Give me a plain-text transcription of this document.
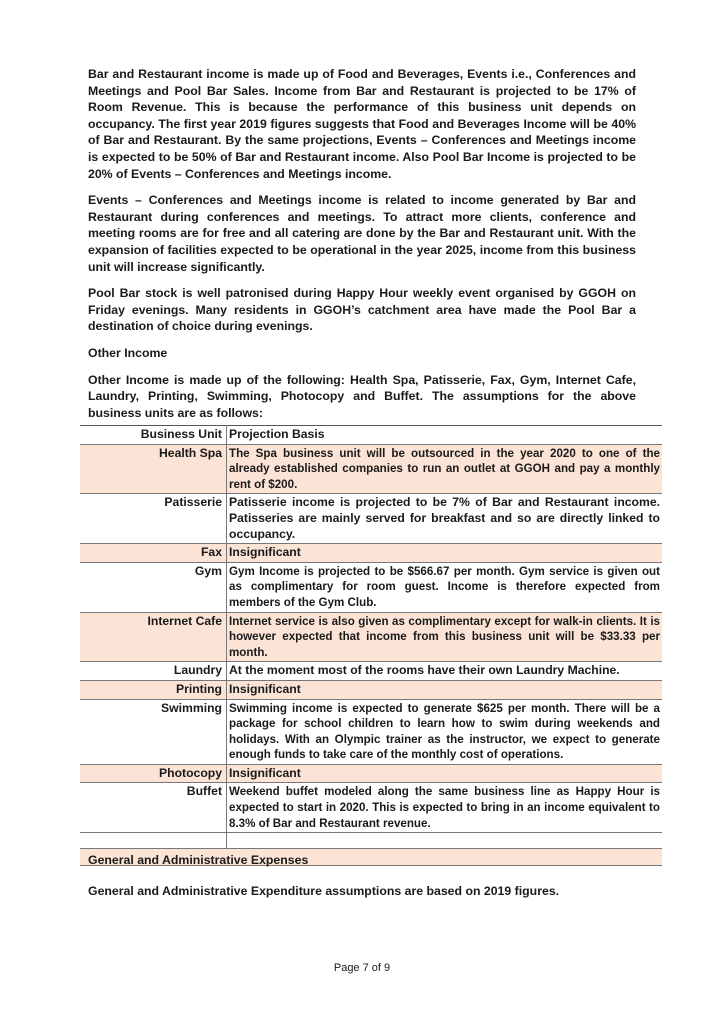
Bar and Restaurant income is made up of Food and Beverages, Events i.e., Conferences and Meetings and Pool Bar Sales. Income from Bar and Restaurant is projected to be 17% of Room Revenue. This is because the performance of this business unit depends on occupancy. The first year 2019 figures suggests that Food and Beverages Income will be 40% of Bar and Restaurant. By the same projections, Events – Conferences and Meetings income is expected to be 50% of Bar and Restaurant income. Also Pool Bar Income is projected to be 20% of Events – Conferences and Meetings income.

Events – Conferences and Meetings income is related to income generated by Bar and Restaurant during conferences and meetings. To attract more clients, conference and meeting rooms are for free and all catering are done by the Bar and Restaurant unit. With the expansion of facilities expected to be operational in the year 2025, income from this business unit will increase significantly.

Pool Bar stock is well patronised during Happy Hour weekly event organised by GGOH on Friday evenings. Many residents in GGOH’s catchment area have made the Pool Bar a destination of choice during evenings.

Other Income

Other Income is made up of the following: Health Spa, Patisserie, Fax, Gym, Internet Cafe, Laundry, Printing, Swimming, Photocopy and Buffet. The assumptions for the above business units are as follows:

Business Unit	Projection Basis
Health Spa	The Spa business unit will be outsourced in the year 2020 to one of the already established companies to run an outlet at GGOH and pay a monthly rent of $200.
Patisserie	Patisserie income is projected to be 7% of Bar and Restaurant income. Patisseries are mainly served for breakfast and so are directly linked to occupancy.
Fax	Insignificant
Gym	Gym Income is projected to be $566.67 per month. Gym service is given out as complimentary for room guest. Income is therefore expected from members of the Gym Club.
Internet Cafe	Internet service is also given as complimentary except for walk-in clients. It is however expected that income from this business unit will be $33.33 per month.
Laundry	At the moment most of the rooms have their own Laundry Machine.
Printing	Insignificant
Swimming	Swimming income is expected to generate $625 per month. There will be a package for school children to learn how to swim during weekends and holidays. With an Olympic trainer as the instructor, we expect to generate enough funds to take care of the monthly cost of operations.
Photocopy	Insignificant
Buffet	Weekend buffet modeled along the same business line as Happy Hour is expected to start in 2020. This is expected to bring in an income equivalent to 8.3% of Bar and Restaurant revenue.

General and Administrative Expenses

General and Administrative Expenditure assumptions are based on 2019 figures.

Page 7 of 9
